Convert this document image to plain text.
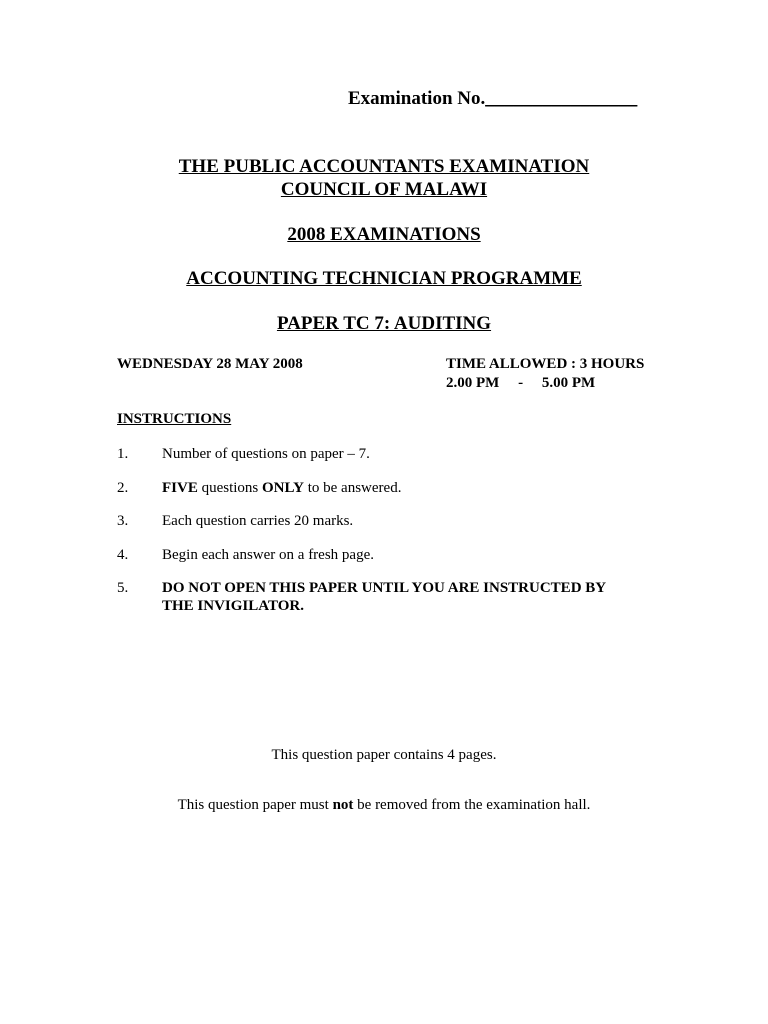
Examination No.________________
THE PUBLIC ACCOUNTANTS EXAMINATION
COUNCIL OF MALAWI
2008 EXAMINATIONS
ACCOUNTING TECHNICIAN PROGRAMME
PAPER TC 7: AUDITING
WEDNESDAY 28 MAY 2008	TIME ALLOWED : 3 HOURS
2.00 PM     -     5.00 PM
INSTRUCTIONS
1. Number of questions on paper – 7.
2. FIVE questions ONLY to be answered.
3. Each question carries 20 marks.
4. Begin each answer on a fresh page.
5. DO NOT OPEN THIS PAPER UNTIL YOU ARE INSTRUCTED BY
THE INVIGILATOR.
This question paper contains 4 pages.
This question paper must not be removed from the examination hall.
